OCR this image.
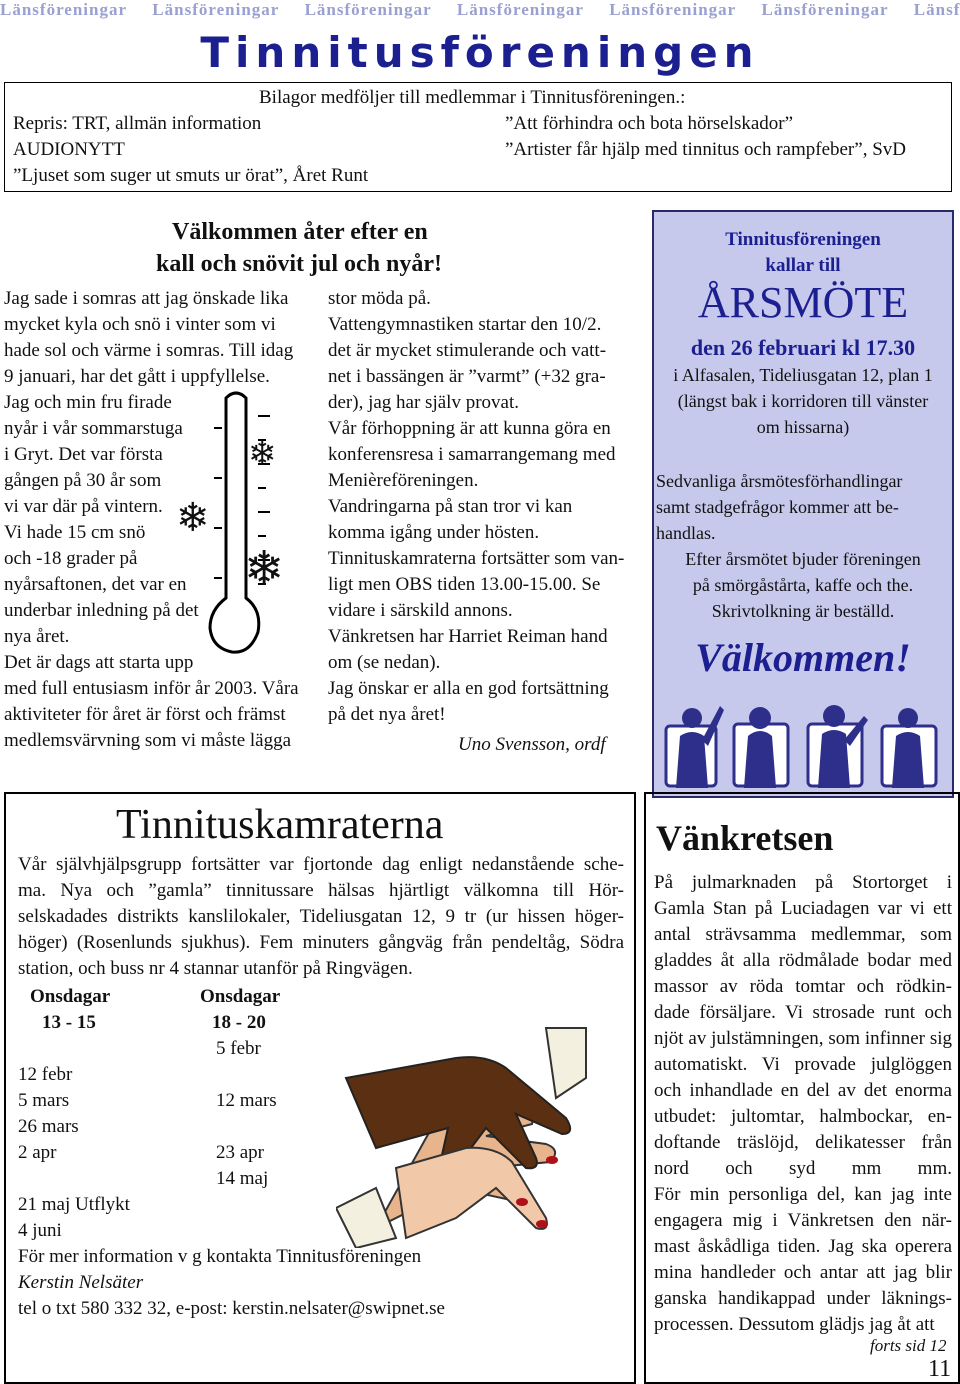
Länsföreningar Länsföreningar Länsföreningar Länsföreningar Länsföreningar Länsföreningar Länsf
Tinnitusföreningen
Bilagor medföljer till medlemmar i Tinnitusföreningen.:
Repris: TRT, allmän information
AUDIONYTT
”Ljuset som suger ut smuts ur örat”, Året Runt
”Att förhindra och bota hörselskador”
”Artister får hjälp med tinnitus och rampfeber”, SvD
Välkommen åter efter en
kall och snövit jul och nyår!

Jag sade i somras att jag önskade lika

mycket kyla och snö i vinter som vi

hade sol och värme i somras. Till idag

9 januari, har det gått i uppfyllelse.

Jag och min fru firade

nyår i vår sommarstuga

i Gryt. Det var första

gången på 30 år som

vi var där på vintern.

Vi hade 15 cm snö

och -18 grader på

nyårsaftonen, det var en

underbar inledning på det

nya året.

Det är dags att starta upp

med full entusiasm inför år 2003. Våra

aktiviteter för året är först och främst

medlemsvärvning som vi måste lägga

❄
❄
❄

stor möda på.

Vattengymnastiken startar den 10/2.

det är mycket stimulerande och vatt-

net i bassängen är ”varmt” (+32 gra-

der), jag har själv provat.

Vår förhoppning är att kunna göra en

konferensresa i samarrangemang med

Menièreföreningen.

Vandringarna på stan tror vi kan

komma igång under hösten.

Tinnituskamraterna fortsätter som van-

ligt men OBS tiden 13.00-15.00. Se

vidare i särskild annons.

Vänkretsen har Harriet Reiman hand

om (se nedan).

Jag önskar er alla en god fortsättning

på det nya året!

Uno Svensson, ordf
Tinnitusföreningen
kallar till
ÅRSMÖTE
den 26 februari kl 17.30
i Alfasalen, Tideliusgatan 12, plan 1
(längst bak i korridoren till vänster
om hissarna)
Sedvanliga årsmötesförhandlingar
samt stadgefrågor kommer att be-
handlas.
Efter årsmötet bjuder föreningen
på smörgåstårta, kaffe och the.
Skrivtolkning är beställd.
Välkommen!
Tinnituskamraterna

Vår självhjälpsgrupp fortsätter var fjortonde dag enligt nedanstående sche-

ma. Nya och ”gamla” tinnitussare hälsas hjärtligt välkomna till Hör-

selskadades distrikts kanslilokaler, Tideliusgatan 12, 9 tr (ur hissen höger-

höger) (Rosenlunds sjukhus). Fem minuters gångväg från pendeltåg, Södra

station, och buss nr 4 stannar utanför på Ringvägen.

Onsdagar
13 - 15
Onsdagar
18 - 20
5 febr
12 febr
5 mars	12 mars
26 mars
2 apr	23 apr
14 maj
21 maj Utflykt
4 juni
För mer information v g kontakta Tinnitusföreningen
Kerstin Nelsäter
tel o txt 580 332 32, e-post: kerstin.nelsater@swipnet.se
Vänkretsen

På julmarknaden på Stortorget i

Gamla Stan på Luciadagen var vi ett

antal strävsamma medlemmar, som

gladdes åt alla rödmålade bodar med

massor av röda tomtar och rödkin-

dade försäljare. Vi strosade runt och

njöt av julstämningen, som infinner sig

automatiskt. Vi provade julglöggen

och inhandlade en del av det enorma

utbudet: jultomtar, halmbockar, en-

doftande träslöjd, delikatesser från

nord och syd mm mm.

För min personliga del, kan jag inte

engagera mig i Vänkretsen den när-

mast åskådliga tiden. Jag ska operera

mina handleder och antar att jag blir

ganska handikappad under läknings-

processen. Dessutom glädjs jag åt att

forts sid 12
11
